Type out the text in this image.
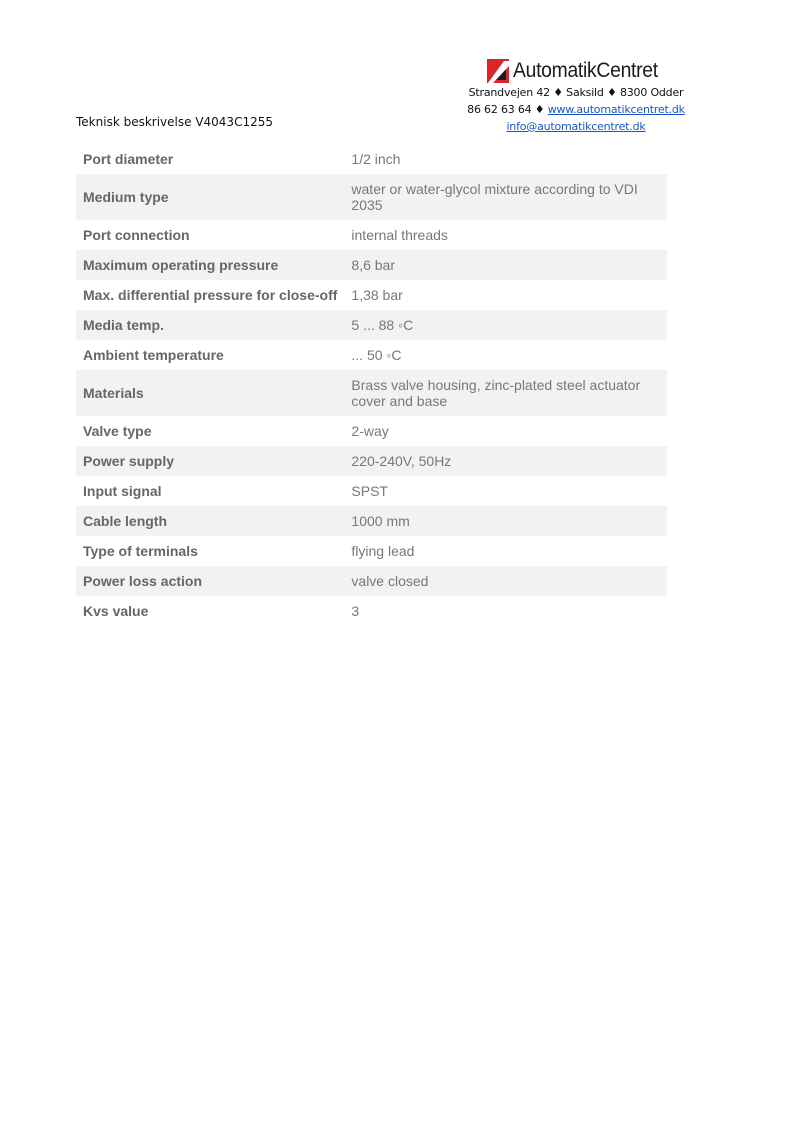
AutomatikCentret
Strandvejen 42 ♦ Saksild ♦ 8300 Odder
86 62 63 64 ♦ www.automatikcentret.dk
info@automatikcentret.dk
Teknisk beskrivelse V4043C1255
Port diameter	1/2 inch
Medium type	water or water-glycol mixture according to VDI 2035
Port connection	internal threads
Maximum operating pressure	8,6 bar
Max. differential pressure for close-off	1,38 bar
Media temp.	5 ... 88 ◦C
Ambient temperature	... 50 ◦C
Materials	Brass valve housing, zinc-plated steel actuator cover and base
Valve type	2-way
Power supply	220-240V, 50Hz
Input signal	SPST
Cable length	1000 mm
Type of terminals	flying lead
Power loss action	valve closed
Kvs value	3
